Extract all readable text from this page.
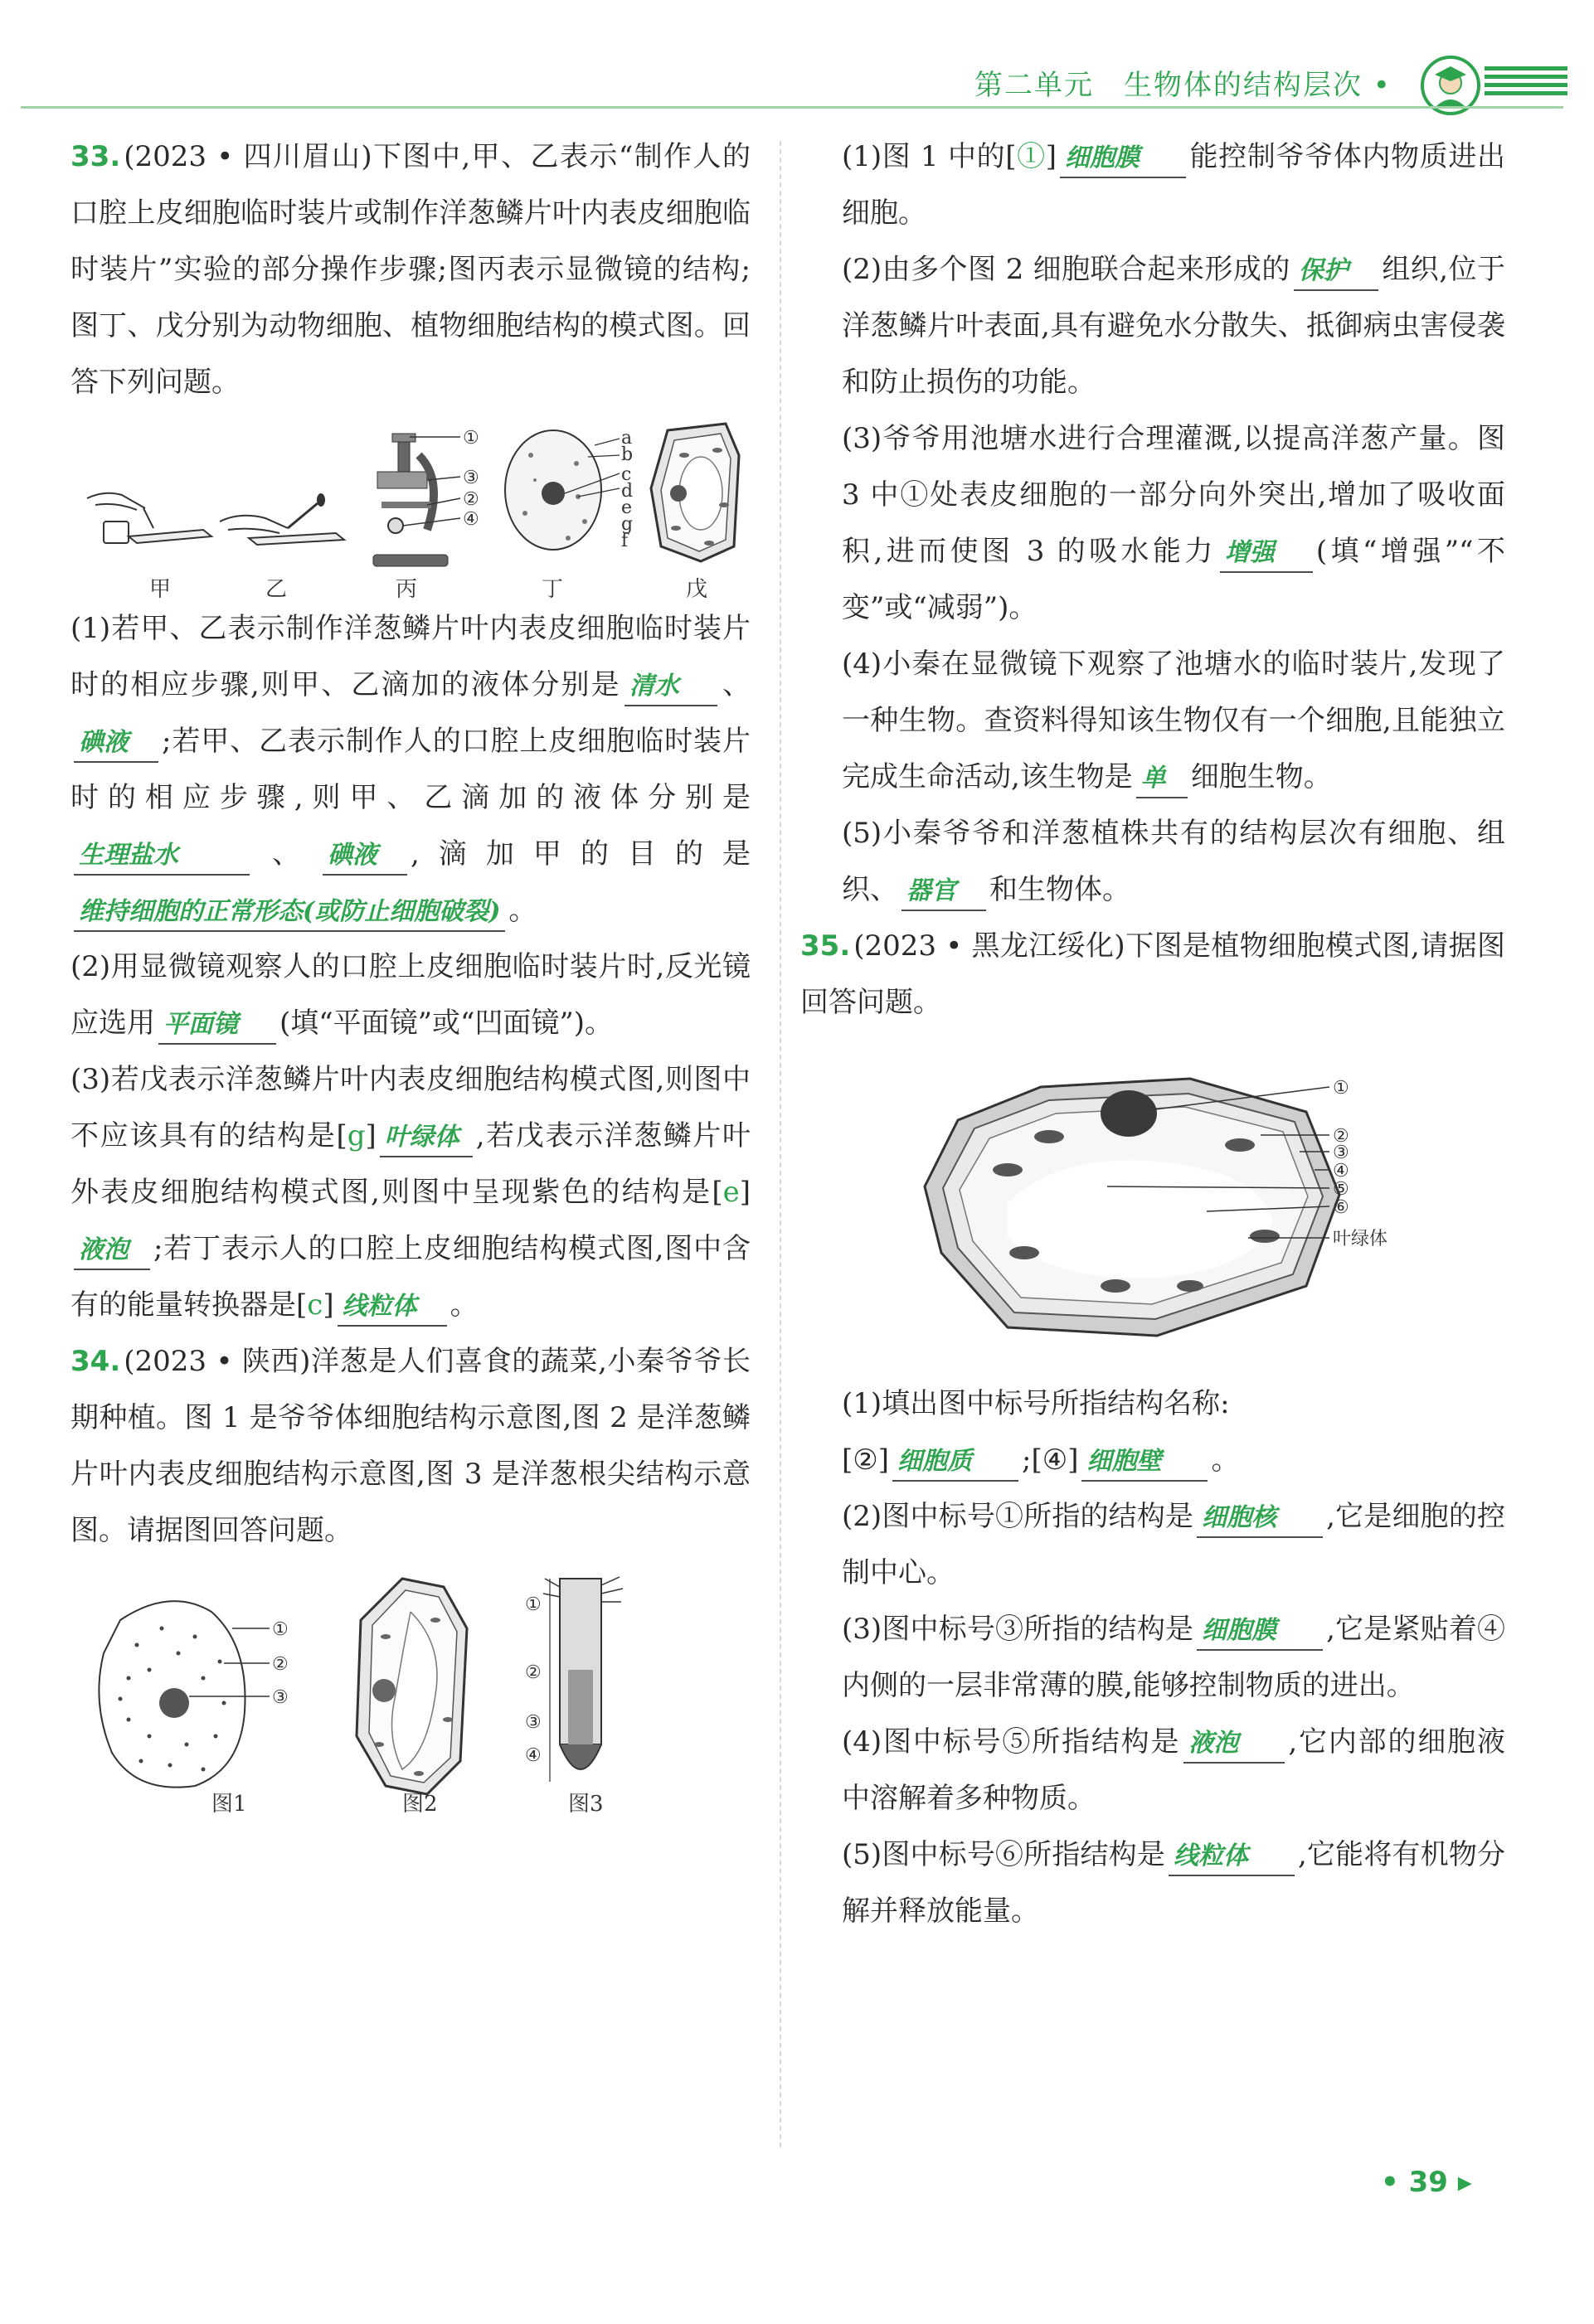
第二单元　生物体的结构层次 •
33. (2023 • 四川眉山)下图中,甲、乙表示“制作人的口腔上皮细胞临时装片或制作洋葱鳞片叶内表皮细胞临时装片”实验的部分操作步骤;图丙表示显微镜的结构;图丁、戊分别为动物细胞、植物细胞结构的模式图。回答下列问题。
①
③
②
④
a
b
c
d
e
g
f
甲	乙	丙	丁	戊
(1)若甲、乙表示制作洋葱鳞片叶内表皮细胞临时装片时的相应步骤,则甲、乙滴加的液体分别是 清水 、碘液 ;若甲、乙表示制作人的口腔上皮细胞临时装片时的相应步骤,则甲、乙滴加的液体分别是生理盐水	、 碘液 ,滴加甲的目的是维持细胞的正常形态(或防止细胞破裂) 。
(2)用显微镜观察人的口腔上皮细胞临时装片时,反光镜应选用 平面镜 (填“平面镜”或“凹面镜”)。
(3)若戊表示洋葱鳞片叶内表皮细胞结构模式图,则图中不应该具有的结构是[g] 叶绿体 ,若戊表示洋葱鳞片叶外表皮细胞结构模式图,则图中呈现紫色的结构是[e]液泡 ;若丁表示人的口腔上皮细胞结构模式图,图中含有的能量转换器是[c] 线粒体 。
34. (2023 • 陕西)洋葱是人们喜食的蔬菜,小秦爷爷长期种植。图 1 是爷爷体细胞结构示意图,图 2 是洋葱鳞片叶内表皮细胞结构示意图,图 3 是洋葱根尖结构示意图。请据图回答问题。
①
②
③
图1	图2
①
②
③
④
图3
(1)图 1 中的[①] 细胞膜 能控制爷爷体内物质进出细胞。
(2)由多个图 2 细胞联合起来形成的 保护 组织,位于洋葱鳞片叶表面,具有避免水分散失、抵御病虫害侵袭和防止损伤的功能。
(3)爷爷用池塘水进行合理灌溉,以提高洋葱产量。图 3 中①处表皮细胞的一部分向外突出,增加了吸收面积,进而使图 3 的吸水能力 增强 (填“增强”“不变”或“减弱”)。
(4)小秦在显微镜下观察了池塘水的临时装片,发现了一种生物。查资料得知该生物仅有一个细胞,且能独立完成生命活动,该生物是 单 细胞生物。
(5)小秦爷爷和洋葱植株共有的结构层次有细胞、组织、 器官 和生物体。
35. (2023 • 黑龙江绥化)下图是植物细胞模式图,请据图回答问题。
①
②
③
④
⑤
⑥
叶绿体
(1)填出图中标号所指结构名称:
[②] 细胞质 ;[④] 细胞壁 。
(2)图中标号①所指的结构是 细胞核 ,它是细胞的控制中心。
(3)图中标号③所指的结构是 细胞膜 ,它是紧贴着④内侧的一层非常薄的膜,能够控制物质的进出。
(4)图中标号⑤所指结构是 液泡 ,它内部的细胞液中溶解着多种物质。
(5)图中标号⑥所指结构是 线粒体 ,它能将有机物分解并释放能量。
• 39 ▸
